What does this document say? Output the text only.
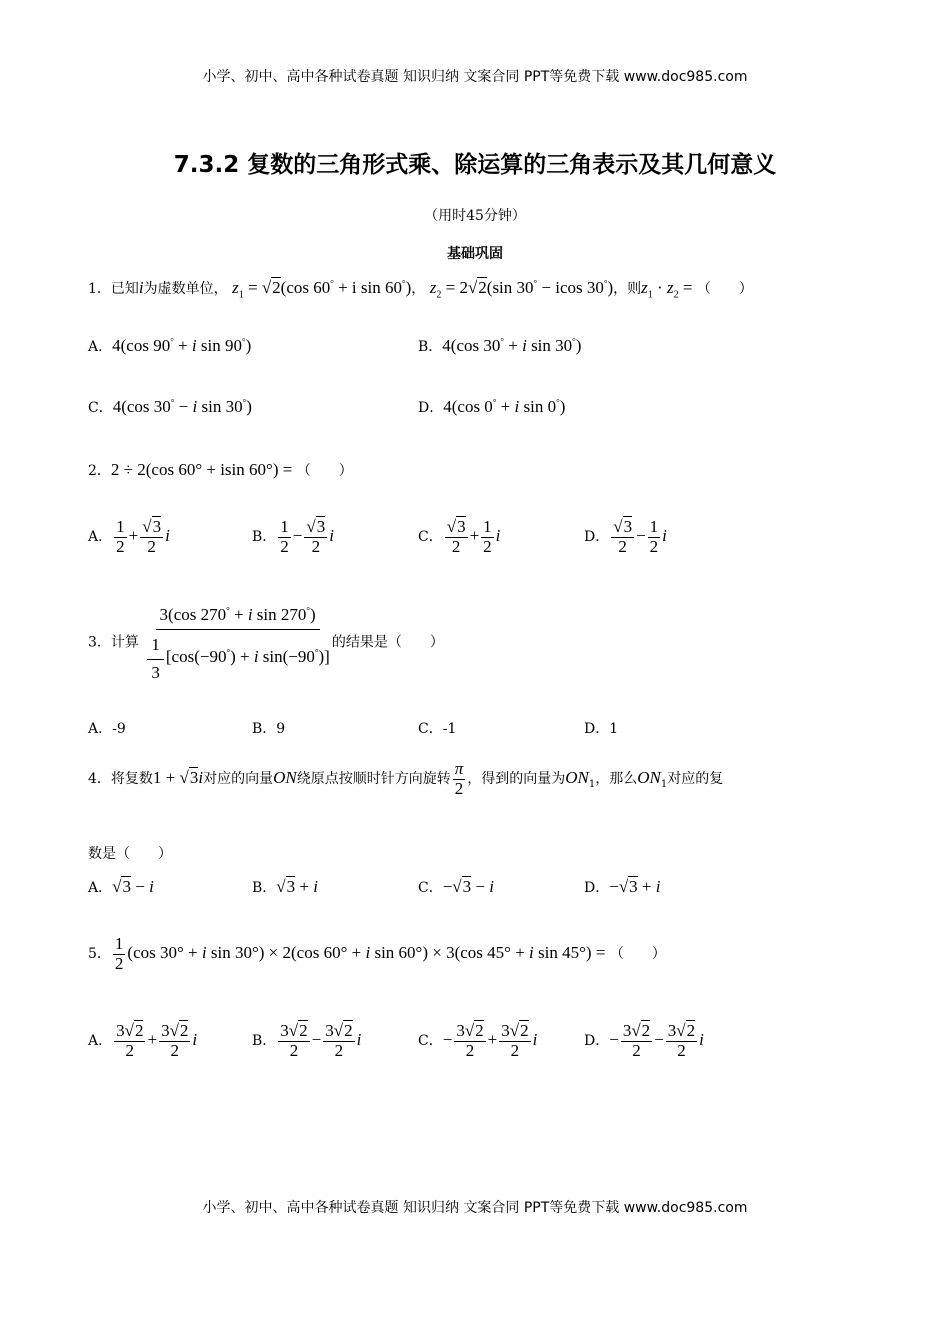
小学、初中、高中各种试卷真题 知识归纳 文案合同 PPT等免费下载 www.doc985.com
7.3.2 复数的三角形式乘、除运算的三角表示及其几何意义
（用时45分钟）
基础巩固
1．已知i为虚数单位， $z_1 = √2(\cos$ 60° + i sin 60°)， $z_2 = 2√2(\sin$ 30° − icos 30°)，则$z_1 \cdot z_2$ = （　　）
A．4(cos 90° + i sin 90°)	B．4(cos 30° + i sin 30°)
C．4(cos 30° − i sin 30°)	D．4(cos 0° + i sin 0°)
2．2 ÷ 2(cos 60° + isin 60°) = （　　）
A． $\frac{1}{2} + \frac{√3}{2}$ i	B． $\frac{1}{2} - \frac{√3}{2}$ i	C． $\frac{√3}{2} + \frac{1}{2}$ i	D． $\frac{√3}{2} - \frac{1}{2}$ i
3．计算 $\frac{3(\cos 270^\circ + i \sin 270^\circ)}{\frac{1}{3} [\cos(-90^\circ) + i \sin(-90^\circ)]}$ 的结果是（　　）
A．-9	B．9	C．-1	D．1
4．将复数1 + √3i对应的向量ON绕原点按顺时针方向旋转 $\frac{\pi}{2}$ ，得到的向量为$ON_1$，那么$ON_1$对应的复
数是（　　）
A．√3 − i	B．√3 + i	C．−√3 − i	D．−√3 + i
5． $\frac{1}{2} (\cos$ 30° + i sin 30°) × 2(cos 60° + i sin 60°) × 3(cos 45° + i sin 45°) = （　　）
A． $\frac{3√2}{2} + \frac{3√2}{2}$ i	B． $\frac{3√2}{2} - \frac{3√2}{2}$ i	C．− $\frac{3√2}{2} + \frac{3√2}{2}$ i	D．− $\frac{3√2}{2} - \frac{3√2}{2}$ i
小学、初中、高中各种试卷真题 知识归纳 文案合同 PPT等免费下载 www.doc985.com
